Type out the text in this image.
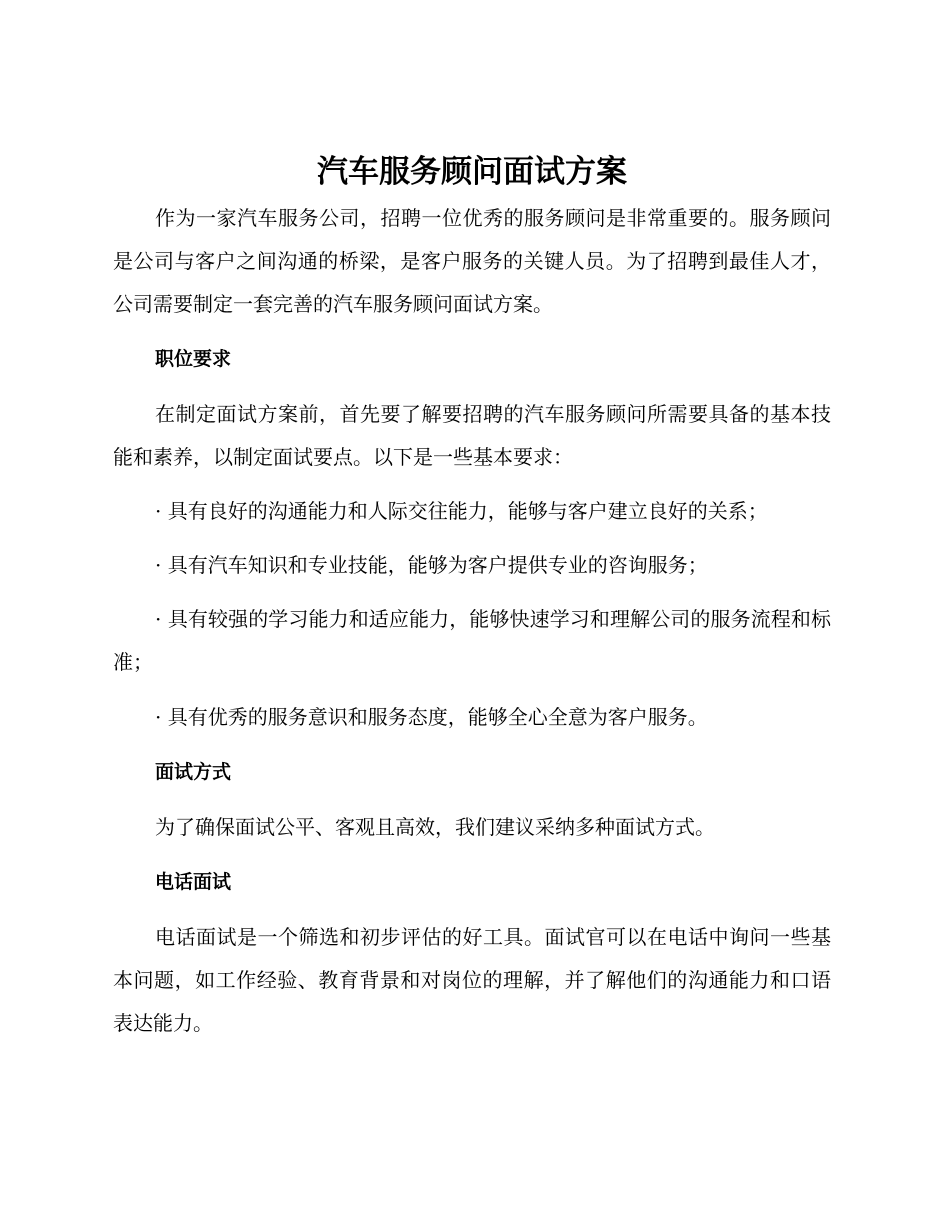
汽车服务顾问面试方案

作为一家汽车服务公司，招聘一位优秀的服务顾问是非常重要的。服务顾问是公司与客户之间沟通的桥梁，是客户服务的关键人员。为了招聘到最佳人才，公司需要制定一套完善的汽车服务顾问面试方案。

职位要求

在制定面试方案前，首先要了解要招聘的汽车服务顾问所需要具备的基本技能和素养，以制定面试要点。以下是一些基本要求：

· 具有良好的沟通能力和人际交往能力，能够与客户建立良好的关系；

· 具有汽车知识和专业技能，能够为客户提供专业的咨询服务；

· 具有较强的学习能力和适应能力，能够快速学习和理解公司的服务流程和标准；

· 具有优秀的服务意识和服务态度，能够全心全意为客户服务。

面试方式

为了确保面试公平、客观且高效，我们建议采纳多种面试方式。

电话面试

电话面试是一个筛选和初步评估的好工具。面试官可以在电话中询问一些基本问题，如工作经验、教育背景和对岗位的理解，并了解他们的沟通能力和口语表达能力。
